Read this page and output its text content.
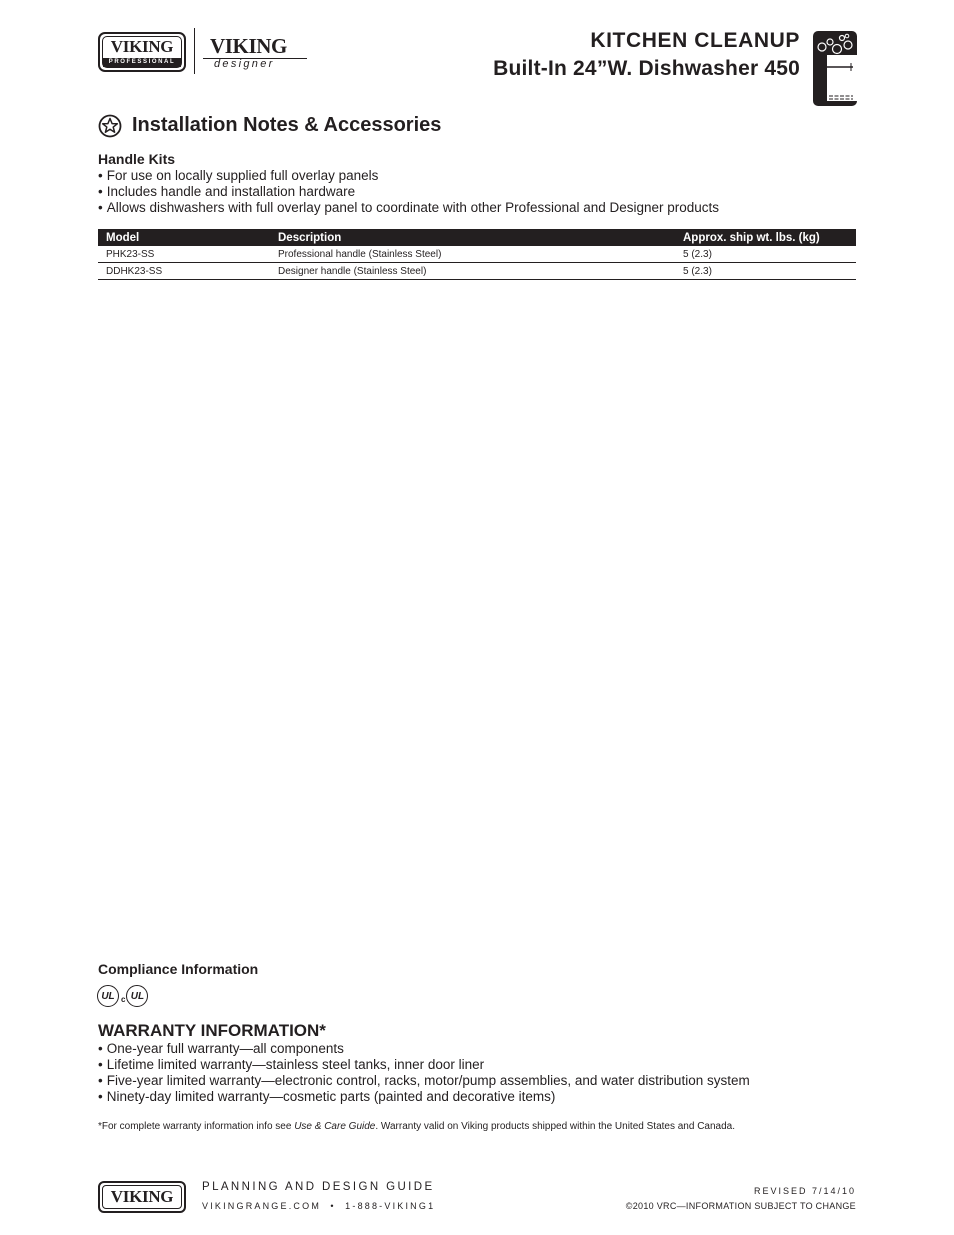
VIKING
PROFESSIONAL
VIKING
designer
KITCHEN CLEANUP
Built-In 24”W. Dishwasher 450
Installation Notes & Accessories
Handle Kits
• For use on locally supplied full overlay panels
• Includes handle and installation hardware
• Allows dishwashers with full overlay panel to coordinate with other Professional and Designer products
Model	Description	Approx. ship wt. lbs. (kg)
PHK23-SS	Professional handle (Stainless Steel)	5 (2.3)
DDHK23-SS	Designer handle (Stainless Steel)	5 (2.3)
Compliance Information
UL c UL
WARRANTY INFORMATION*
• One-year full warranty—all components
• Lifetime limited warranty—stainless steel tanks, inner door liner
• Five-year limited warranty—electronic control, racks, motor/pump assemblies, and water distribution system
• Ninety-day limited warranty—cosmetic parts (painted and decorative items)
*For complete warranty information info see Use & Care Guide. Warranty valid on Viking products shipped within the United States and Canada.
VIKING	PLANNING AND DESIGN GUIDE
VIKINGRANGE.COM  •  1-888-VIKING1
REVISED 7/14/10
©2010 VRC—INFORMATION SUBJECT TO CHANGE
